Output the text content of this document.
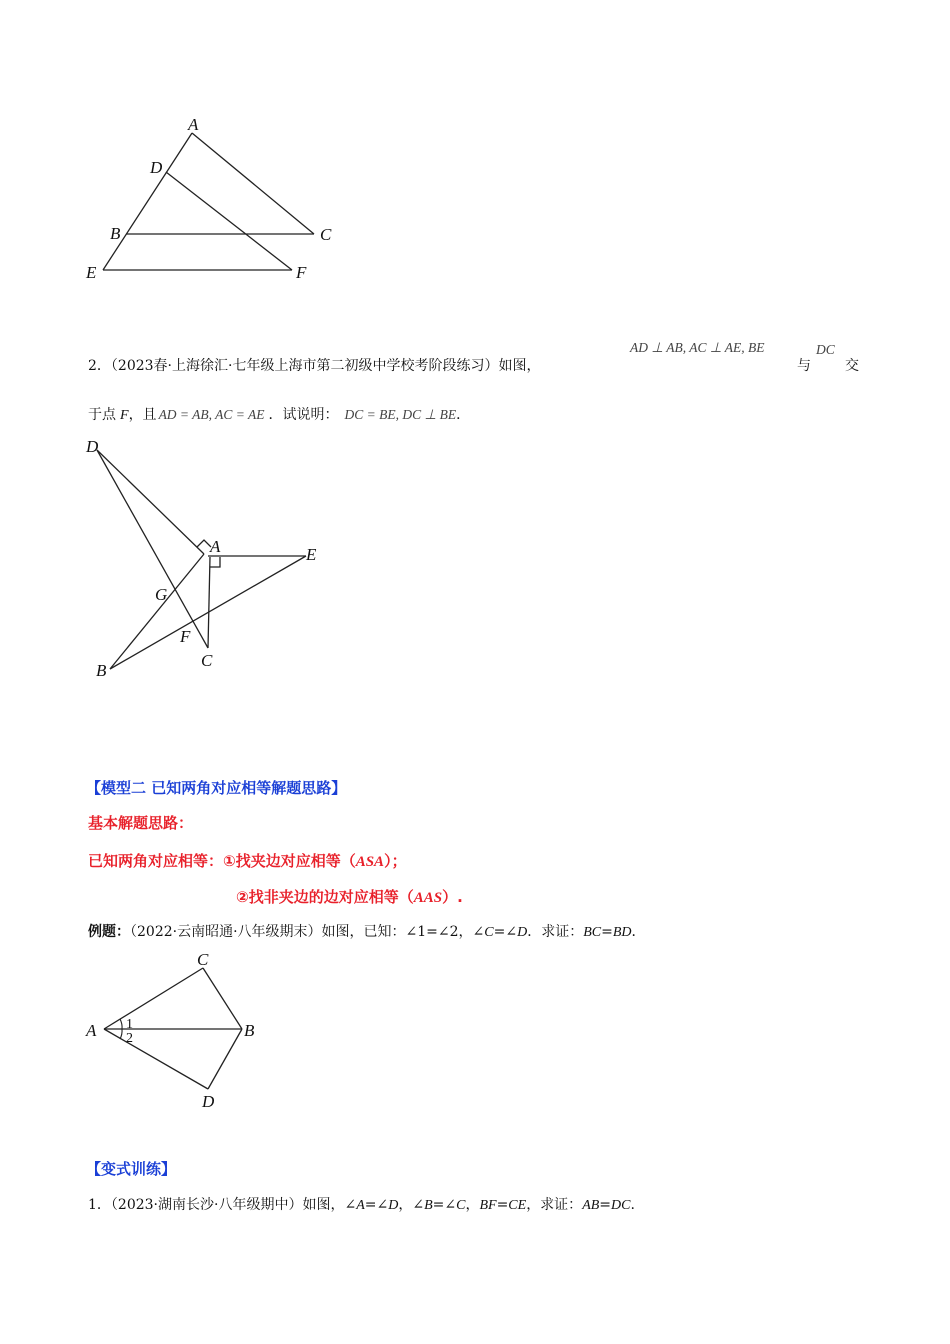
A
D
B	C
E	F
2．（2023春·上海徐汇·七年级上海市第二初级中学校考阶段练习）如图，
AD ⊥ AB, AC ⊥ AE, BE
与
DC
交
于点 F，且 AD = AB, AC = AE ．试说明： DC = BE, DC ⊥ BE．
D
A	E
G
F
B
C
【模型二 已知两角对应相等解题思路】
基本解题思路：
已知两角对应相等：①找夹边对应相等（ASA）；
②找非夹边的边对应相等（AAS）.
例题：（2022·云南昭通·八年级期末）如图，已知：∠1=∠2，∠C=∠D．求证：BC=BD．
C
A 1
2	B
D
【变式训练】
1．（2023·湖南长沙·八年级期中）如图，∠A=∠D，∠B=∠C，BF=CE，求证：AB=DC.
